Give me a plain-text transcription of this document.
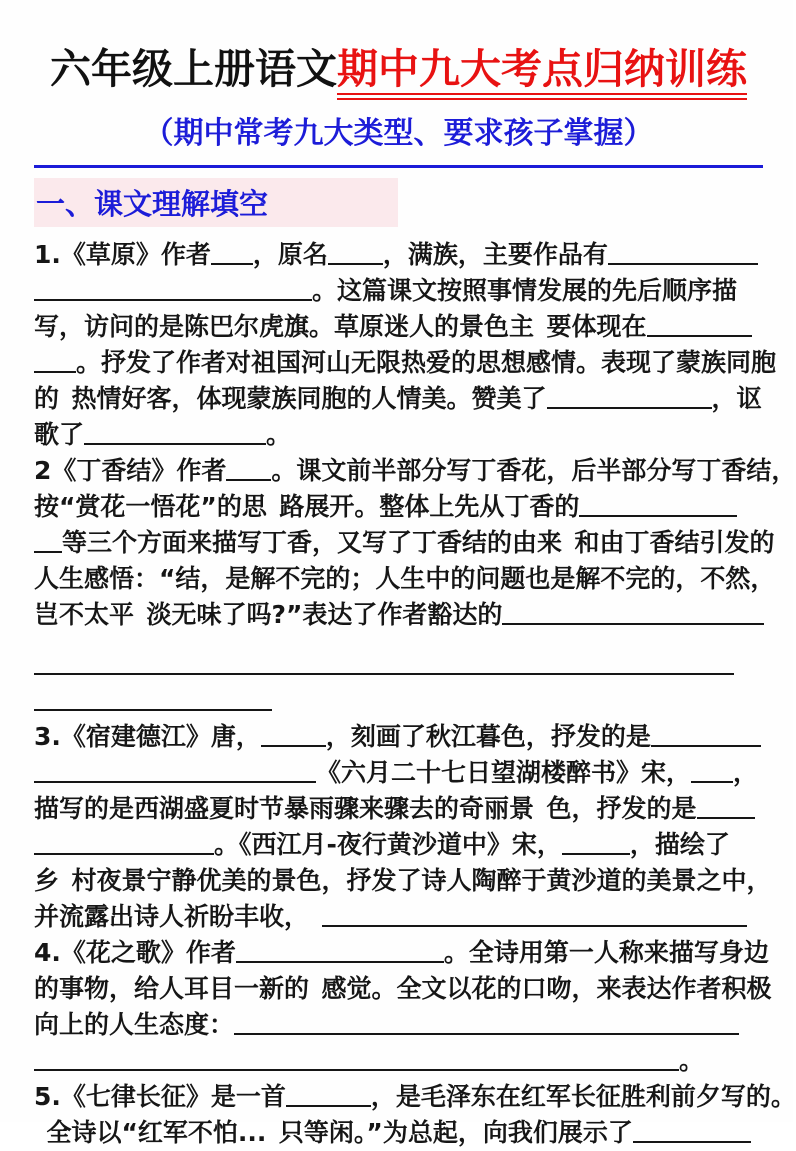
六年级上册语文期中九大考点归纳训练
（期中常考九大类型、要求孩子掌握）
一、课文理解填空
1.《草原》作者 ，原名 ，满族，主要作品有
。这篇课文按照事情发展的先后顺序描
写，访问的是陈巴尔虎旗。草原迷人的景色主 要体现在
。抒发了作者对祖国河山无限热爱的思想感情。表现了蒙族同胞
的 热情好客，体现蒙族同胞的人情美。赞美了	，讴
歌了	。
2《丁香结》作者 。课文前半部分写丁香花，后半部分写丁香结，
按“赏花一悟花”的思 路展开。整体上先从丁香的
等三个方面来描写丁香，又写了丁香结的由来 和由丁香结引发的
人生感悟：“结，是解不完的；人生中的问题也是解不完的，不然，
岂不太平 淡无味了吗?”表达了作者豁达的
3.《宿建德江》唐，	，刻画了秋江暮色，抒发的是
《六月二十七日望湖楼醉书》宋， ，
描写的是西湖盛夏时节暴雨骤来骤去的奇丽景 色，抒发的是
。《西江月-夜行黄沙道中》宋，	，描绘了
乡 村夜景宁静优美的景色，抒发了诗人陶醉于黄沙道的美景之中，
并流露出诗人祈盼丰收， 
4.《花之歌》作者	。全诗用第一人称来描写身边
的事物，给人耳目一新的 感觉。全文以花的口吻，来表达作者积极
向上的人生态度：
。
5.《七律长征》是一首	，是毛泽东在红军长征胜利前夕写的。
 全诗以“红军不怕... 只等闲。”为总起，向我们展示了
